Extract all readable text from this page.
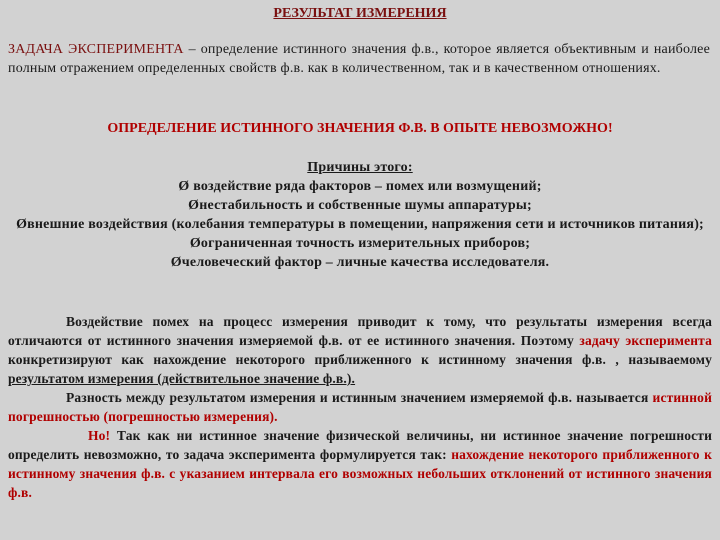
РЕЗУЛЬТАТ ИЗМЕРЕНИЯ
ЗАДАЧА ЭКСПЕРИМЕНТА – определение истинного значения ф.в., которое является объективным и наиболее полным отражением определенных свойств ф.в. как в количественном, так и в качественном отношениях.
ОПРЕДЕЛЕНИЕ ИСТИННОГО ЗНАЧЕНИЯ Ф.В. В ОПЫТЕ НЕВОЗМОЖНО!
Причины этого:
Ø воздействие ряда факторов – помех или возмущений;
Øнестабильность и собственные шумы аппаратуры;
Øвнешние воздействия (колебания температуры в помещении, напряжения сети и источников питания);
Øограниченная точность измерительных приборов;
Øчеловеческий фактор – личные качества исследователя.

Воздействие помех на процесс измерения приводит к тому, что результаты измерения всегда отличаются от истинного значения измеряемой ф.в. от ее истинного значения. Поэтому задачу эксперимента конкретизируют как нахождение некоторого приближенного к истинному значения ф.в. , называемому результатом измерения (действительное значение ф.в.).

Разность между результатом измерения и истинным значением измеряемой ф.в. называется истинной погрешностью (погрешностью измерения).

Но! Так как ни истинное значение физической величины, ни истинное значение погрешности определить невозможно, то задача эксперимента формулируется так: нахождение некоторого приближенного к истинному значения ф.в. с указанием интервала его возможных небольших отклонений от истинного значения ф.в.
